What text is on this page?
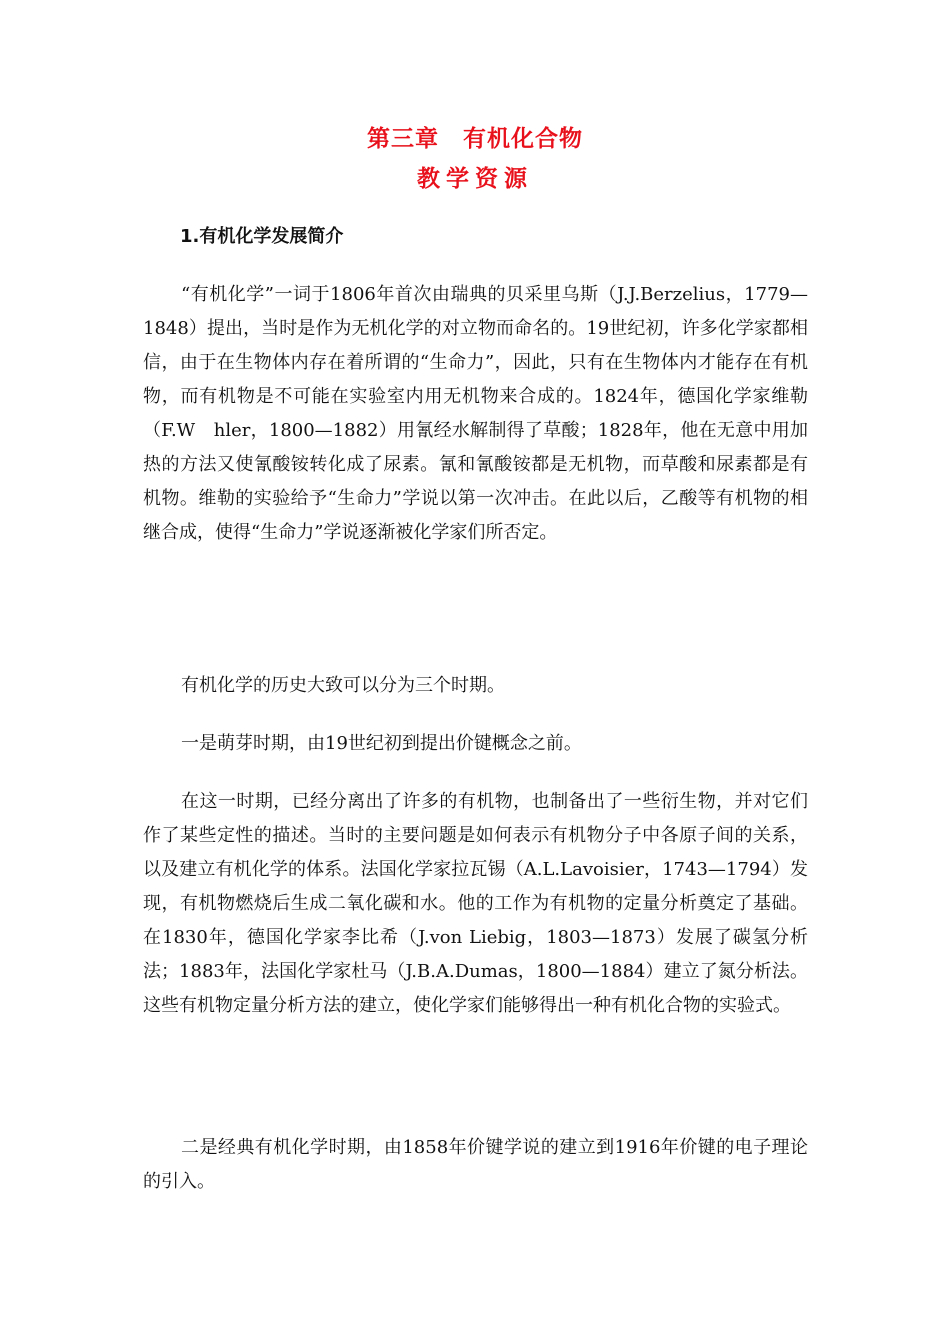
第三章　有机化合物
教学资源
1.有机化学发展简介

“有机化学”一词于1806年首次由瑞典的贝采里乌斯（J.J.Berzelius，1779—1848）提出，当时是作为无机化学的对立物而命名的。19世纪初，许多化学家都相信，由于在生物体内存在着所谓的“生命力”，因此，只有在生物体内才能存在有机物，而有机物是不可能在实验室内用无机物来合成的。1824年，德国化学家维勒（F.W　hler，1800—1882）用氰经水解制得了草酸；1828年，他在无意中用加热的方法又使氰酸铵转化成了尿素。氰和氰酸铵都是无机物，而草酸和尿素都是有机物。维勒的实验给予“生命力”学说以第一次冲击。在此以后，乙酸等有机物的相继合成，使得“生命力”学说逐渐被化学家们所否定。

有机化学的历史大致可以分为三个时期。

一是萌芽时期，由19世纪初到提出价键概念之前。

在这一时期，已经分离出了许多的有机物，也制备出了一些衍生物，并对它们作了某些定性的描述。当时的主要问题是如何表示有机物分子中各原子间的关系，以及建立有机化学的体系。法国化学家拉瓦锡（A.L.Lavoisier，1743—1794）发现，有机物燃烧后生成二氧化碳和水。他的工作为有机物的定量分析奠定了基础。在1830年，德国化学家李比希（J.von Liebig，1803—1873）发展了碳氢分析法；1883年，法国化学家杜马（J.B.A.Dumas，1800—1884）建立了氮分析法。这些有机物定量分析方法的建立，使化学家们能够得出一种有机化合物的实验式。

二是经典有机化学时期，由1858年价键学说的建立到1916年价键的电子理论的引入。
